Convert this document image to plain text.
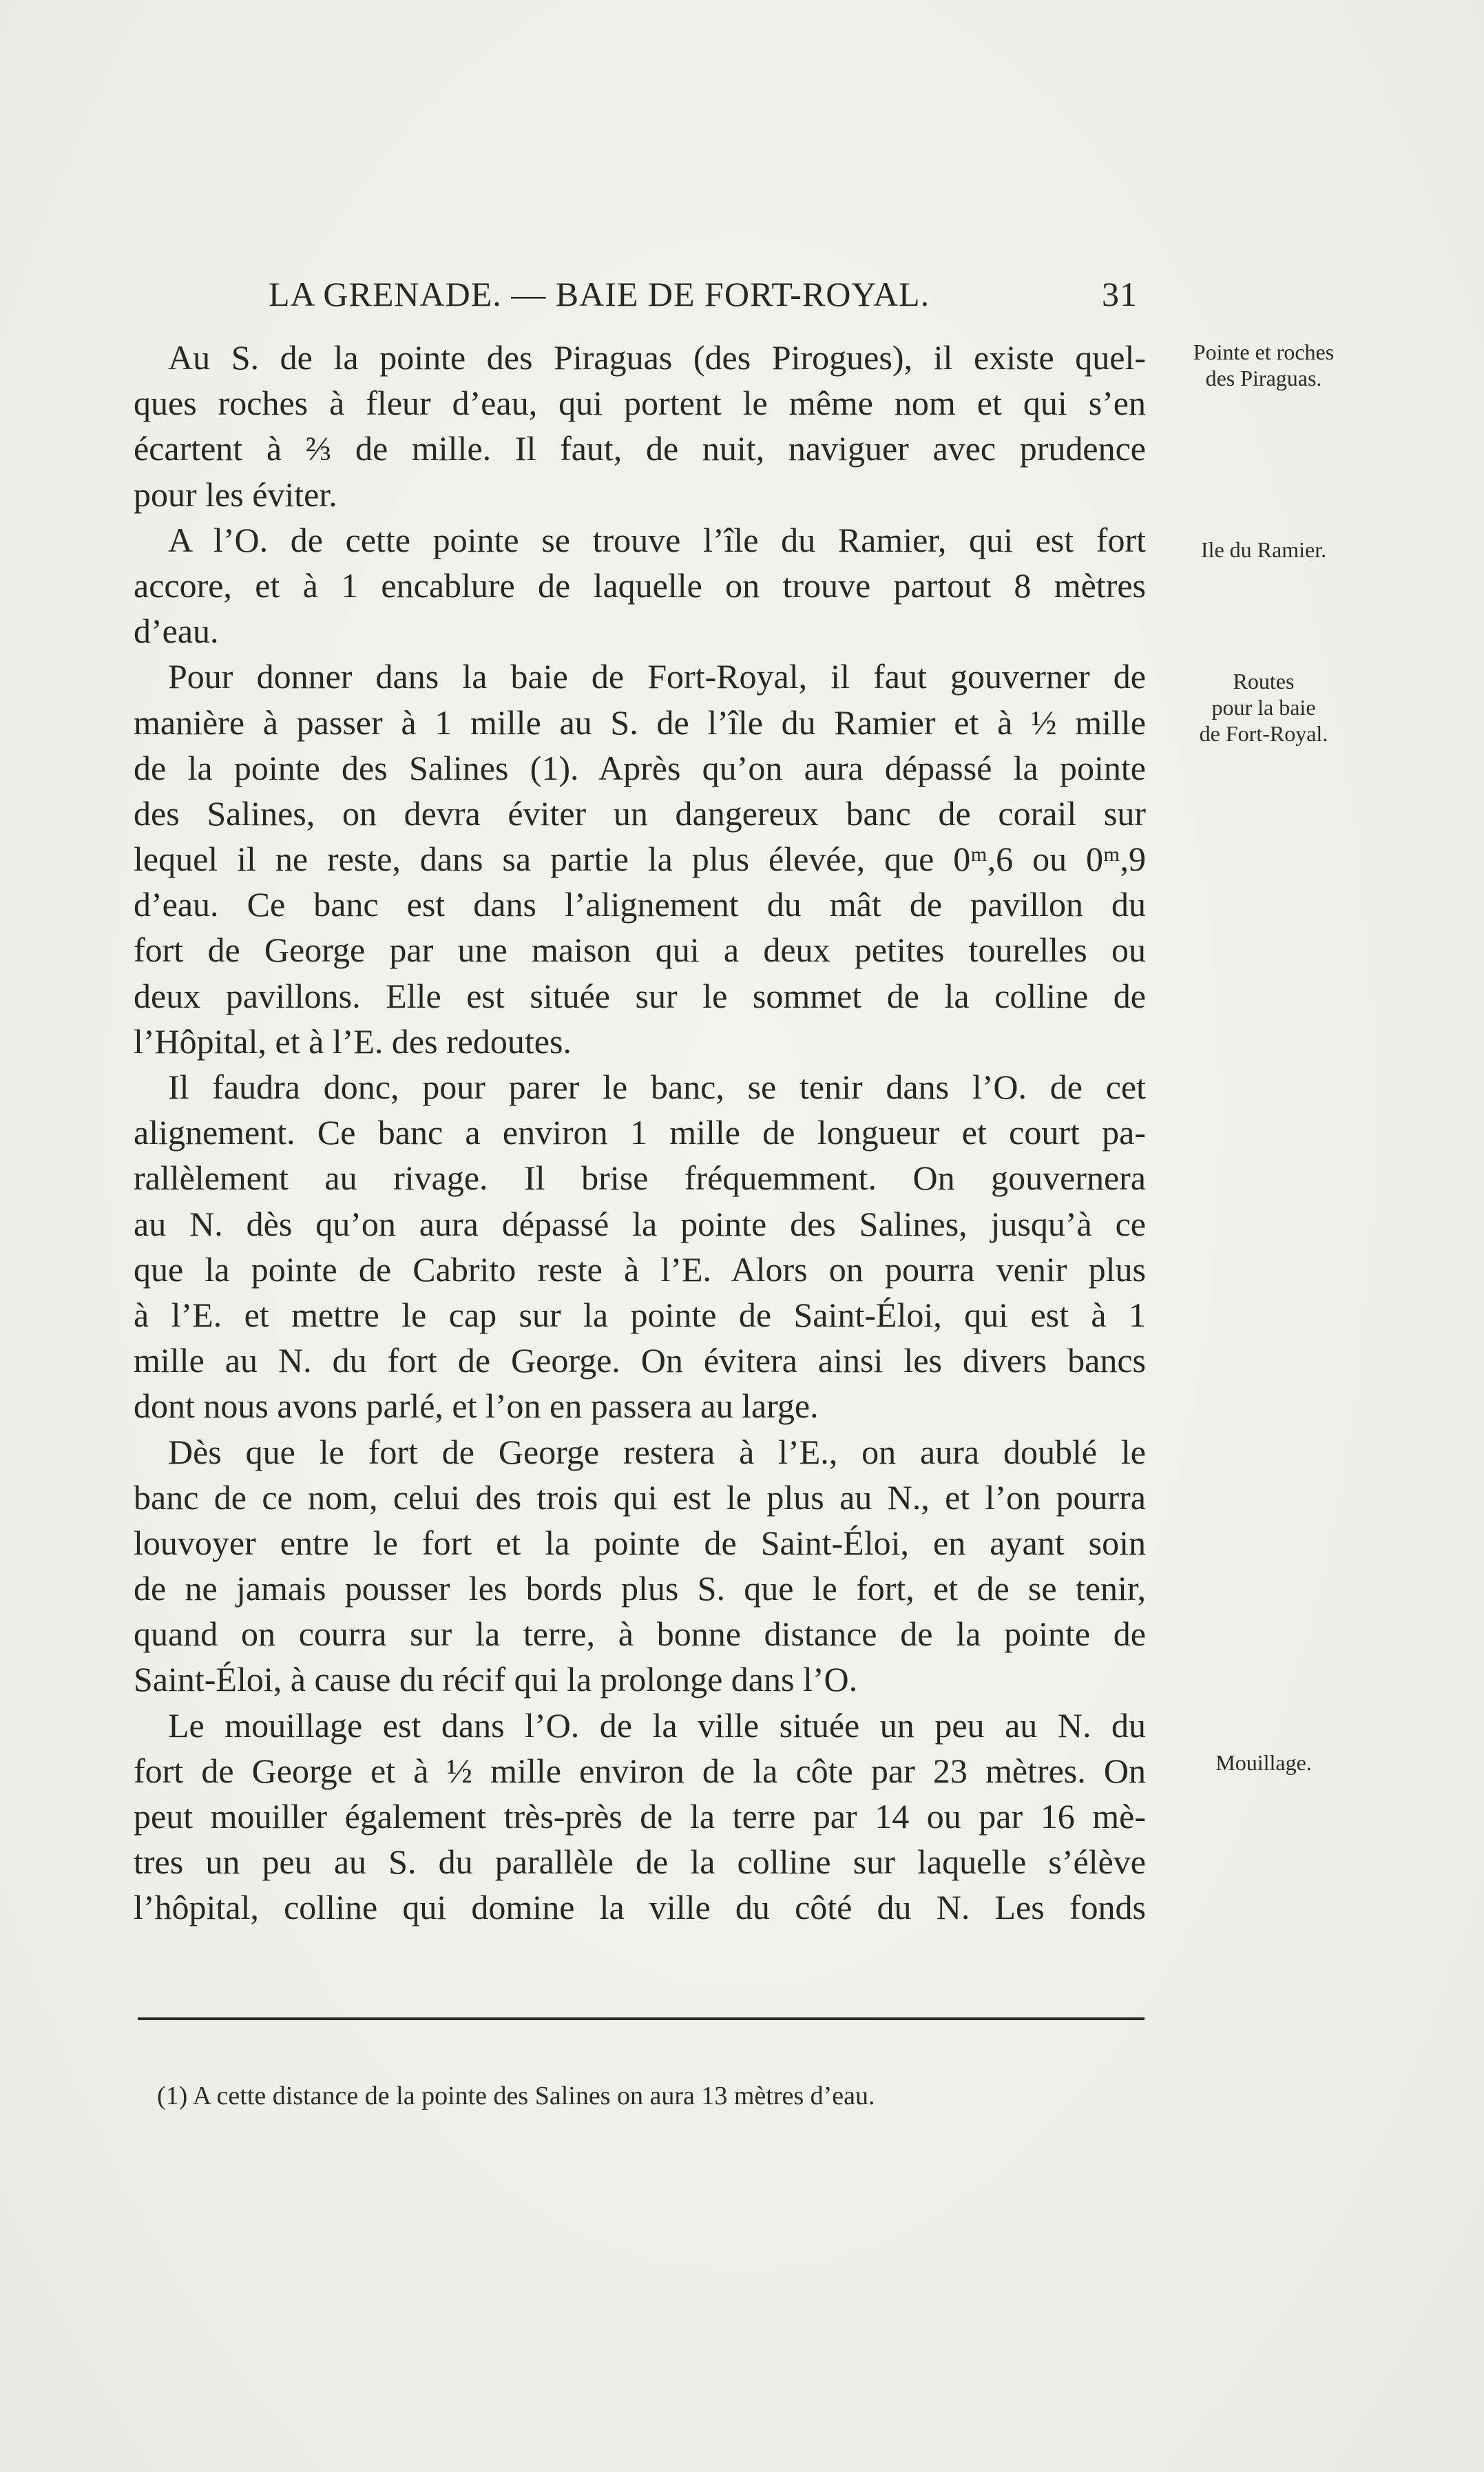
LA GRENADE. — BAIE DE FORT-ROYAL.	31
Au S. de la pointe des Piraguas (des Pirogues), il existe quel-
ques roches à fleur d’eau, qui portent le même nom et qui s’en
écartent à ⅔ de mille. Il faut, de nuit, naviguer avec prudence
pour les éviter.
A l’O. de cette pointe se trouve l’île du Ramier, qui est fort
accore, et à 1 encablure de laquelle on trouve partout 8 mètres
d’eau.
Pour donner dans la baie de Fort-Royal, il faut gouverner de
manière à passer à 1 mille au S. de l’île du Ramier et à ½ mille
de la pointe des Salines (1). Après qu’on aura dépassé la pointe
des Salines, on devra éviter un dangereux banc de corail sur
lequel il ne reste, dans sa partie la plus élevée, que 0ᵐ,6 ou 0ᵐ,9
d’eau. Ce banc est dans l’alignement du mât de pavillon du
fort de George par une maison qui a deux petites tourelles ou
deux pavillons. Elle est située sur le sommet de la colline de
l’Hôpital, et à l’E. des redoutes.
Il faudra donc, pour parer le banc, se tenir dans l’O. de cet
alignement. Ce banc a environ 1 mille de longueur et court pa-
rallèlement au rivage. Il brise fréquemment. On gouvernera
au N. dès qu’on aura dépassé la pointe des Salines, jusqu’à ce
que la pointe de Cabrito reste à l’E. Alors on pourra venir plus
à l’E. et mettre le cap sur la pointe de Saint-Éloi, qui est à 1
mille au N. du fort de George. On évitera ainsi les divers bancs
dont nous avons parlé, et l’on en passera au large.
Dès que le fort de George restera à l’E., on aura doublé le
banc de ce nom, celui des trois qui est le plus au N., et l’on pourra
louvoyer entre le fort et la pointe de Saint-Éloi, en ayant soin
de ne jamais pousser les bords plus S. que le fort, et de se tenir,
quand on courra sur la terre, à bonne distance de la pointe de
Saint-Éloi, à cause du récif qui la prolonge dans l’O.
Le mouillage est dans l’O. de la ville située un peu au N. du
fort de George et à ½ mille environ de la côte par 23 mètres. On
peut mouiller également très-près de la terre par 14 ou par 16 mè-
tres un peu au S. du parallèle de la colline sur laquelle s’élève
l’hôpital, colline qui domine la ville du côté du N. Les fonds
Pointe et roches
des Piraguas.
Ile du Ramier.
Routes
pour la baie
de Fort-Royal.
Mouillage.
(1) A cette distance de la pointe des Salines on aura 13 mètres d’eau.
